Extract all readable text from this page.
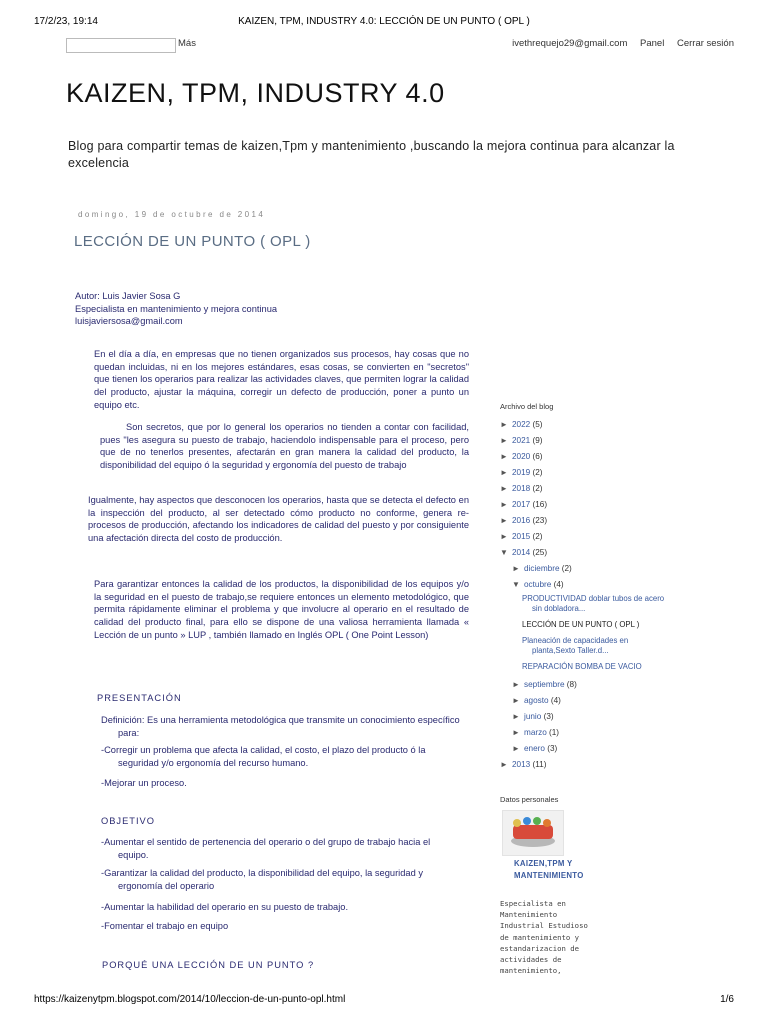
17/2/23, 19:14	KAIZEN, TPM, INDUSTRY 4.0: LECCIÓN DE UN PUNTO ( OPL )
Más	ivethrequejo29@gmail.com Panel Cerrar sesión
KAIZEN, TPM, INDUSTRY 4.0
Blog para compartir temas de kaizen,Tpm y mantenimiento ,buscando la mejora continua para alcanzar la excelencia
domingo, 19 de octubre de 2014
LECCIÓN DE UN PUNTO ( OPL )
Autor: Luis Javier Sosa G
Especialista en mantenimiento y mejora continua
luisjaviersosa@gmail.com
En el día a día, en empresas que no tienen organizados sus procesos, hay cosas que no quedan incluidas, ni en los mejores estándares, esas cosas, se convierten en "secretos" que tienen los operarios para realizar las actividades claves, que permiten lograr la calidad del producto, ajustar la máquina, corregir un defecto de producción, poner a punto un equipo etc.
Son secretos, que por lo general los operarios no tienden a contar con facilidad, pues "les asegura su puesto de trabajo, haciendolo indispensable para el proceso, pero que de no tenerlos presentes, afectarán en gran manera la calidad del producto, la disponibilidad del equipo ó la seguridad y ergonomía del puesto de trabajo
Igualmente, hay aspectos que desconocen los operarios, hasta que se detecta el defecto en la inspección del producto, al ser detectado cómo producto no conforme, genera re-procesos de producción, afectando los indicadores de calidad del puesto y por consiguiente una afectación directa del costo de producción.
Para garantizar entonces la calidad de los productos, la disponibilidad de los equipos y/o la seguridad en el puesto de trabajo,se requiere entonces un elemento metodológico, que permita rápidamente eliminar el problema y que involucre al operario en el resultado de calidad del producto final, para ello se dispone de una valiosa herramienta llamada « Lección de un punto » LUP , también llamado en Inglés OPL ( One Point Lesson)
PRESENTACIÓN
Definición: Es una herramienta metodológica que transmite un conocimiento específico
para:
-Corregir un problema que afecta la calidad, el costo, el plazo del producto ó la
seguridad y/o ergonomía del recurso humano.
-Mejorar un proceso.
OBJETIVO
-Aumentar el sentido de pertenencia del operario o del grupo de trabajo hacia el
equipo.
-Garantizar la calidad del producto, la disponibilidad del equipo, la seguridad y
ergonomía del operario
-Aumentar la habilidad del operario en su puesto de trabajo.
-Fomentar el trabajo en equipo
PORQUÉ UNA LECCIÓN DE UN PUNTO ?
Archivo del blog
► 2022 (5)
► 2021 (9)
► 2020 (6)
► 2019 (2)
► 2018 (2)
► 2017 (16)
► 2016 (23)
► 2015 (2)
▼ 2014 (25)
► diciembre (2)
▼ octubre (4)
PRODUCTIVIDAD doblar tubos de acero
sin dobladora...
LECCIÓN DE UN PUNTO ( OPL )
Planeación de capacidades en
planta,Sexto Taller.d...
REPARACIÓN BOMBA DE VACIO
► septiembre (8)
► agosto (4)
► junio (3)
► marzo (1)
► enero (3)
► 2013 (11)
Datos personales
KAIZEN,TPM Y MANTENIMIENTO
Especialista en Mantenimiento Industrial Estudioso de mantenimiento y estandarizacion de actividades de mantenimiento,
https://kaizenytpm.blogspot.com/2014/10/leccion-de-un-punto-opl.html	1/6
